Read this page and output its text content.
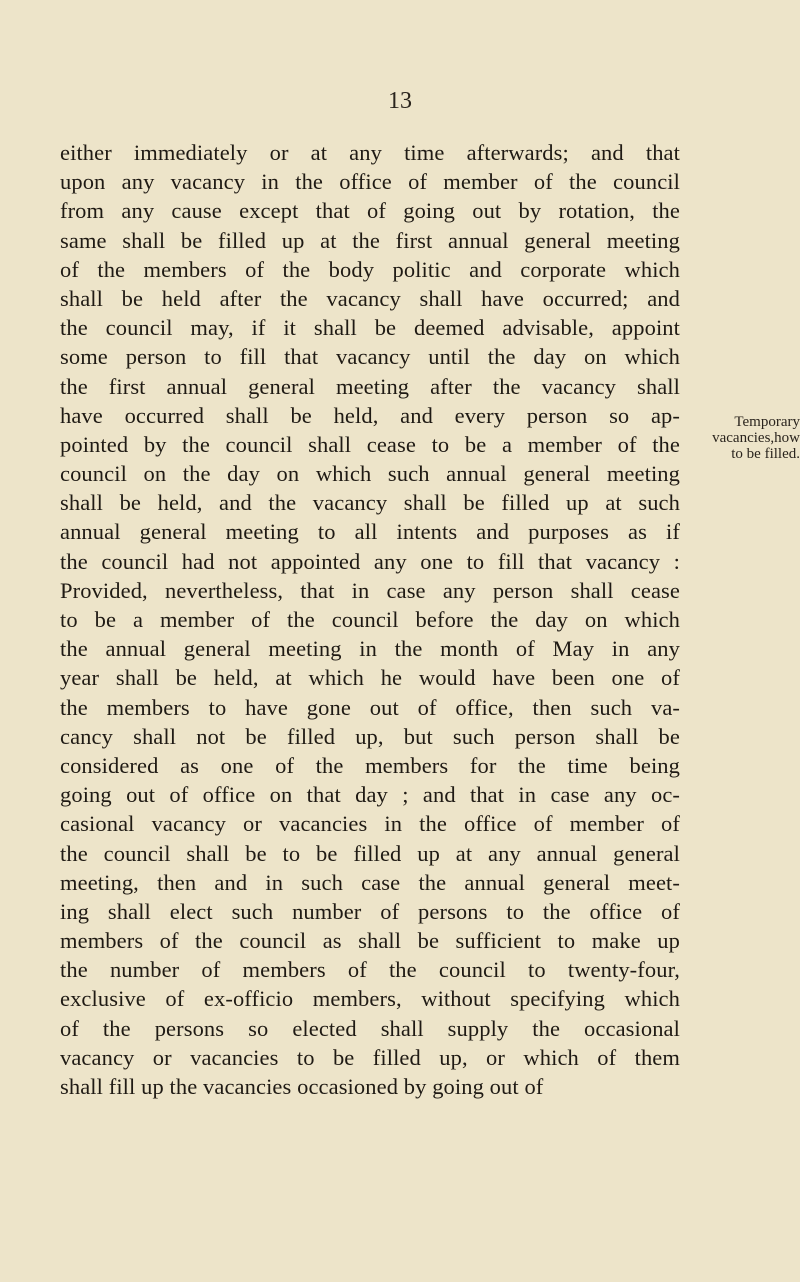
13
either immediately or at any time afterwards; and that
upon any vacancy in the office of member of the council
from any cause except that of going out by rotation, the
same shall be filled up at the first annual general meeting
of the members of the body politic and corporate which
shall be held after the vacancy shall have occurred; and
the council may, if it shall be deemed advisable, appoint
some person to fill that vacancy until the day on which
the first annual general meeting after the vacancy shall
have occurred shall be held, and every person so ap-
pointed by the council shall cease to be a member of the
council on the day on which such annual general meeting
shall be held, and the vacancy shall be filled up at such
annual general meeting to all intents and purposes as if
the council had not appointed any one to fill that vacancy :
Provided, nevertheless, that in case any person shall cease
to be a member of the council before the day on which
the annual general meeting in the month of May in any
year shall be held, at which he would have been one of
the members to have gone out of office, then such va-
cancy shall not be filled up, but such person shall be
considered as one of the members for the time being
going out of office on that day ; and that in case any oc-
casional vacancy or vacancies in the office of member of
the council shall be to be filled up at any annual general
meeting, then and in such case the annual general meet-
ing shall elect such number of persons to the office of
members of the council as shall be sufficient to make up
the number of members of the council to twenty-four,
exclusive of ex-officio members, without specifying which
of the persons so elected shall supply the occasional
vacancy or vacancies to be filled up, or which of them
shall fill up the vacancies occasioned by going out of
Temporary
vacancies,how
to be filled.
